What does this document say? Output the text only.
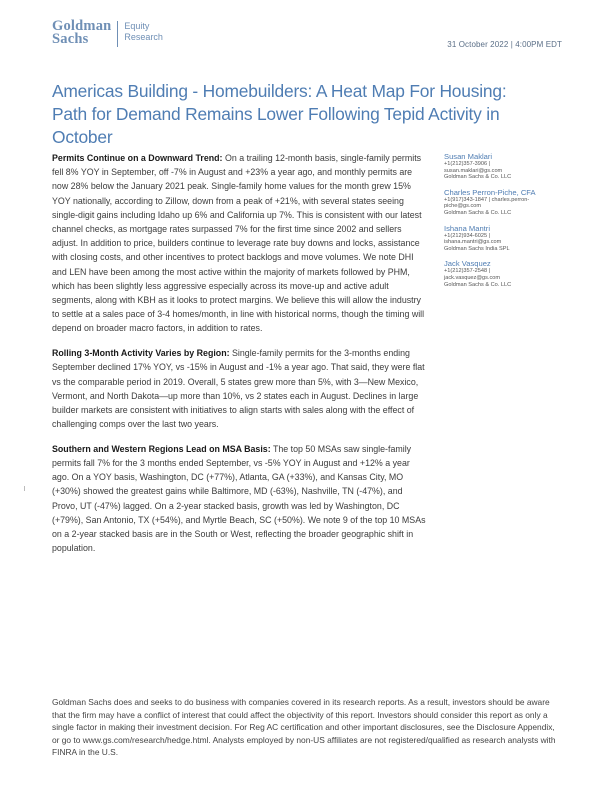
Goldman
Sachs
Equity
Research
31 October 2022 | 4:00PM EDT
Americas Building - Homebuilders: A Heat Map For Housing: Path for Demand Remains Lower Following Tepid Activity in October

Permits Continue on a Downward Trend: On a trailing 12-month basis, single-family permits fell 8% YOY in September, off -7% in August and +23% a year ago, and monthly permits are now 28% below the January 2021 peak. Single-family home values for the month grew 15% YOY nationally, according to Zillow, down from a peak of +21%, with several states seeing single-digit gains including Idaho up 6% and California up 7%. This is consistent with our latest channel checks, as mortgage rates surpassed 7% for the first time since 2002 and sellers adjust. In addition to price, builders continue to leverage rate buy downs and locks, assistance with closing costs, and other incentives to protect backlogs and move volumes. We note DHI and LEN have been among the most active within the majority of markets followed by PHM, which has been slightly less aggressive especially across its move-up and active adult segments, along with KBH as it looks to protect margins. We believe this will allow the industry to settle at a sales pace of 3-4 homes/month, in line with historical norms, though the timing will depend on broader macro factors, in addition to rates.

Rolling 3-Month Activity Varies by Region: Single-family permits for the 3-months ending September declined 17% YOY, vs -15% in August and -1% a year ago. That said, they were flat vs the comparable period in 2019. Overall, 5 states grew more than 5%, with 3—New Mexico, Vermont, and North Dakota—up more than 10%, vs 2 states each in August. Declines in large builder markets are consistent with initiatives to align starts with sales along with the effect of challenging comps over the last two years.

Southern and Western Regions Lead on MSA Basis: The top 50 MSAs saw single-family permits fall 7% for the 3 months ended September, vs -5% YOY in August and +12% a year ago. On a YOY basis, Washington, DC (+77%), Atlanta, GA (+33%), and Kansas City, MO (+30%) showed the greatest gains while Baltimore, MD (-63%), Nashville, TN (-47%), and Provo, UT (-47%) lagged. On a 2-year stacked basis, growth was led by Washington, DC (+79%), San Antonio, TX (+54%), and Myrtle Beach, SC (+50%). We note 9 of the top 10 MSAs on a 2-year stacked basis are in the South or West, reflecting the broader geographic shift in population.

Susan Maklari
+1(212)357-3906 |
susan.maklari@gs.com
Goldman Sachs & Co. LLC
Charles Perron-Piche, CFA
+1(917)343-1847 | charles.perron-
piche@gs.com
Goldman Sachs & Co. LLC
Ishana Mantri
+1(212)934-6025 |
ishana.mantri@gs.com
Goldman Sachs India SPL
Jack Vasquez
+1(212)357-2548 |
jack.vasquez@gs.com
Goldman Sachs & Co. LLC

Goldman Sachs does and seeks to do business with companies covered in its research reports. As a result, investors should be aware that the firm may have a conflict of interest that could affect the objectivity of this report. Investors should consider this report as only a single factor in making their investment decision. For Reg AC certification and other important disclosures, see the Disclosure Appendix, or go to www.gs.com/research/hedge.html. Analysts employed by non-US affiliates are not registered/qualified as research analysts with FINRA in the U.S.
